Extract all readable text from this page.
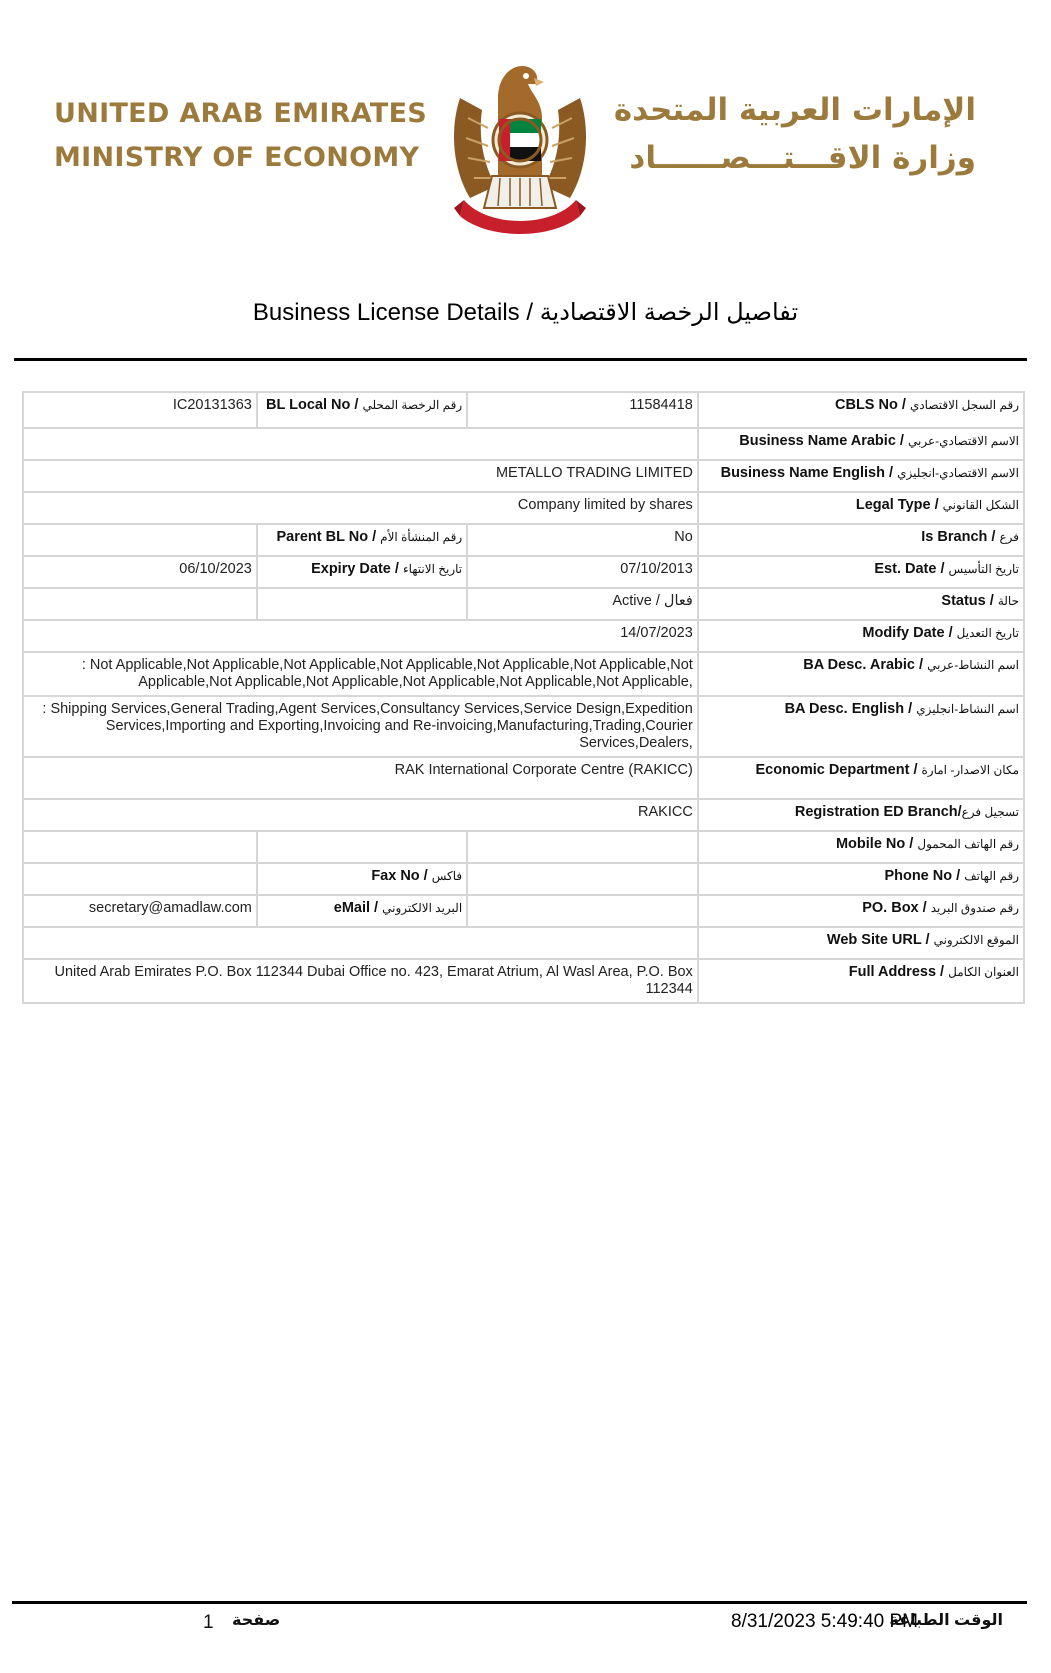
UNITED ARAB EMIRATES
MINISTRY OF ECONOMY
الإمارات العربية المتحدة
وزارة الاقـــتـــصــــــاد
Business License Details / تفاصيل الرخصة الاقتصادية
IC20131363	BL Local No / رقم الرخصة المحلي	11584418	CBLS No / رقم السجل الاقتصادي
			Business Name Arabic / الاسم الاقتصادي-عربي
METALLO TRADING LIMITED			Business Name English / الاسم الاقتصادي-انجليزي
Company limited by shares			Legal Type / الشكل القانوني
	Parent BL No / رقم المنشأة الأم	No	Is Branch / فرع
06/10/2023	Expiry Date / تاريخ الانتهاء	07/10/2013	Est. Date / تاريخ التأسيس
		Active / فعال	Status / حالة
14/07/2023			Modify Date / تاريخ التعديل
: Not Applicable,Not Applicable,Not Applicable,Not Applicable,Not Applicable,Not Applicable,Not Applicable,Not Applicable,Not Applicable,Not Applicable,Not Applicable,Not Applicable,			BA Desc. Arabic / اسم النشاط-عربي
: Shipping Services,General Trading,Agent Services,Consultancy Services,Service Design,Expedition Services,Importing and Exporting,Invoicing and Re-invoicing,Manufacturing,Trading,Courier Services,Dealers,			BA Desc. English / اسم النشاط-انجليزي
RAK International Corporate Centre (RAKICC)			Economic Department / مكان الاصدار- امارة
RAKICC			Registration ED Branch/تسجيل فرع
			Mobile No / رقم الهاتف المحمول
	Fax No / فاكس		Phone No / رقم الهاتف
secretary@amadlaw.com	eMail / البريد الالكتروني		PO. Box / رقم صندوق البريد
			Web Site URL / الموقع الالكتروني
United Arab Emirates P.O. Box 112344 Dubai Office no. 423, Emarat Atrium, Al Wasl Area, P.O. Box 112344			Full Address / العنوان الكامل
1 صفحة	8/31/2023 5:49:40 PM
الوقت الطباعة
